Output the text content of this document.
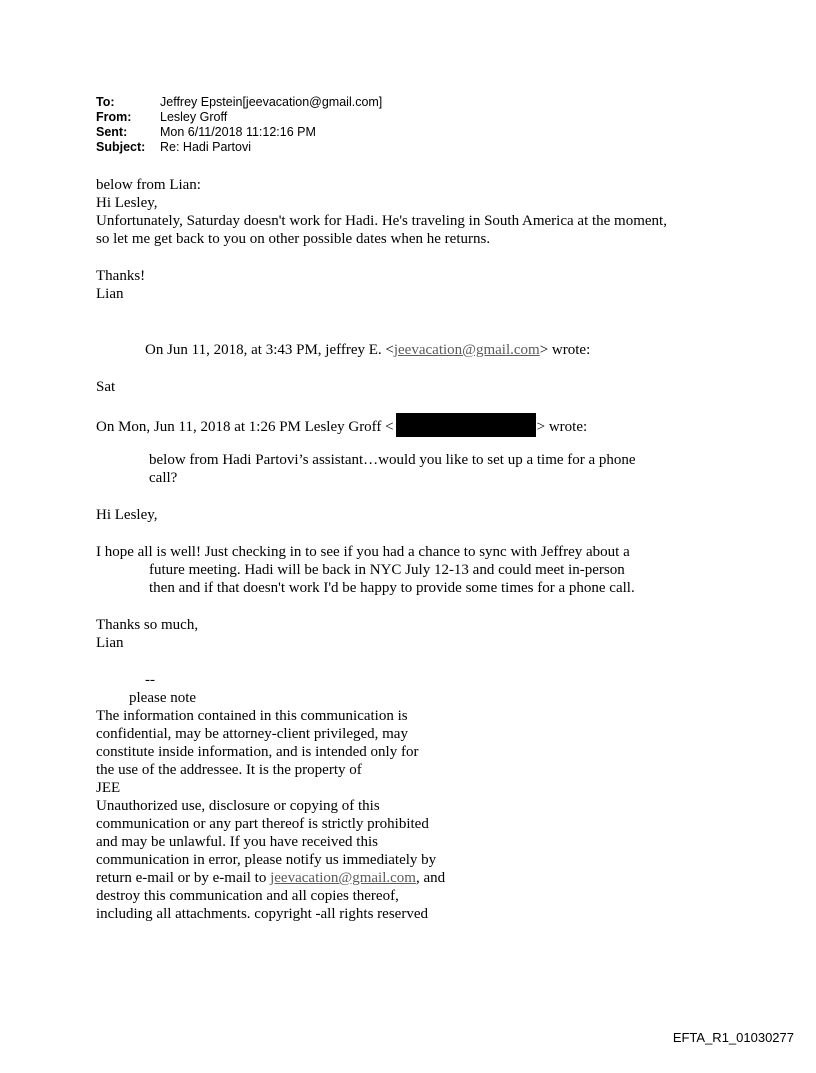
To:	Jeffrey Epstein[jeevacation@gmail.com]
From:	Lesley Groff
Sent:	Mon 6/11/2018 11:12:16 PM
Subject:	Re: Hadi Partovi
below from Lian:
Hi Lesley,
Unfortunately, Saturday doesn't work for Hadi. He's traveling in South America at the moment,
so let me get back to you on other possible dates when he returns.
Thanks!
Lian
On Jun 11, 2018, at 3:43 PM, jeffrey E. <jeevacation@gmail.com> wrote:
Sat
On Mon, Jun 11, 2018 at 1:26 PM Lesley Groff <	> wrote:
below from Hadi Partovi’s assistant…would you like to set up a time for a phone
call?
Hi Lesley,
I hope all is well! Just checking in to see if you had a chance to sync with Jeffrey about a
future meeting. Hadi will be back in NYC July 12-13 and could meet in-person
then and if that doesn't work I'd be happy to provide some times for a phone call.
Thanks so much,
Lian
--
please note
The information contained in this communication is
confidential, may be attorney-client privileged, may
constitute inside information, and is intended only for
the use of the addressee. It is the property of
JEE
Unauthorized use, disclosure or copying of this
communication or any part thereof is strictly prohibited
and may be unlawful. If you have received this
communication in error, please notify us immediately by
return e-mail or by e-mail to jeevacation@gmail.com, and
destroy this communication and all copies thereof,
including all attachments. copyright -all rights reserved
EFTA_R1_01030277
